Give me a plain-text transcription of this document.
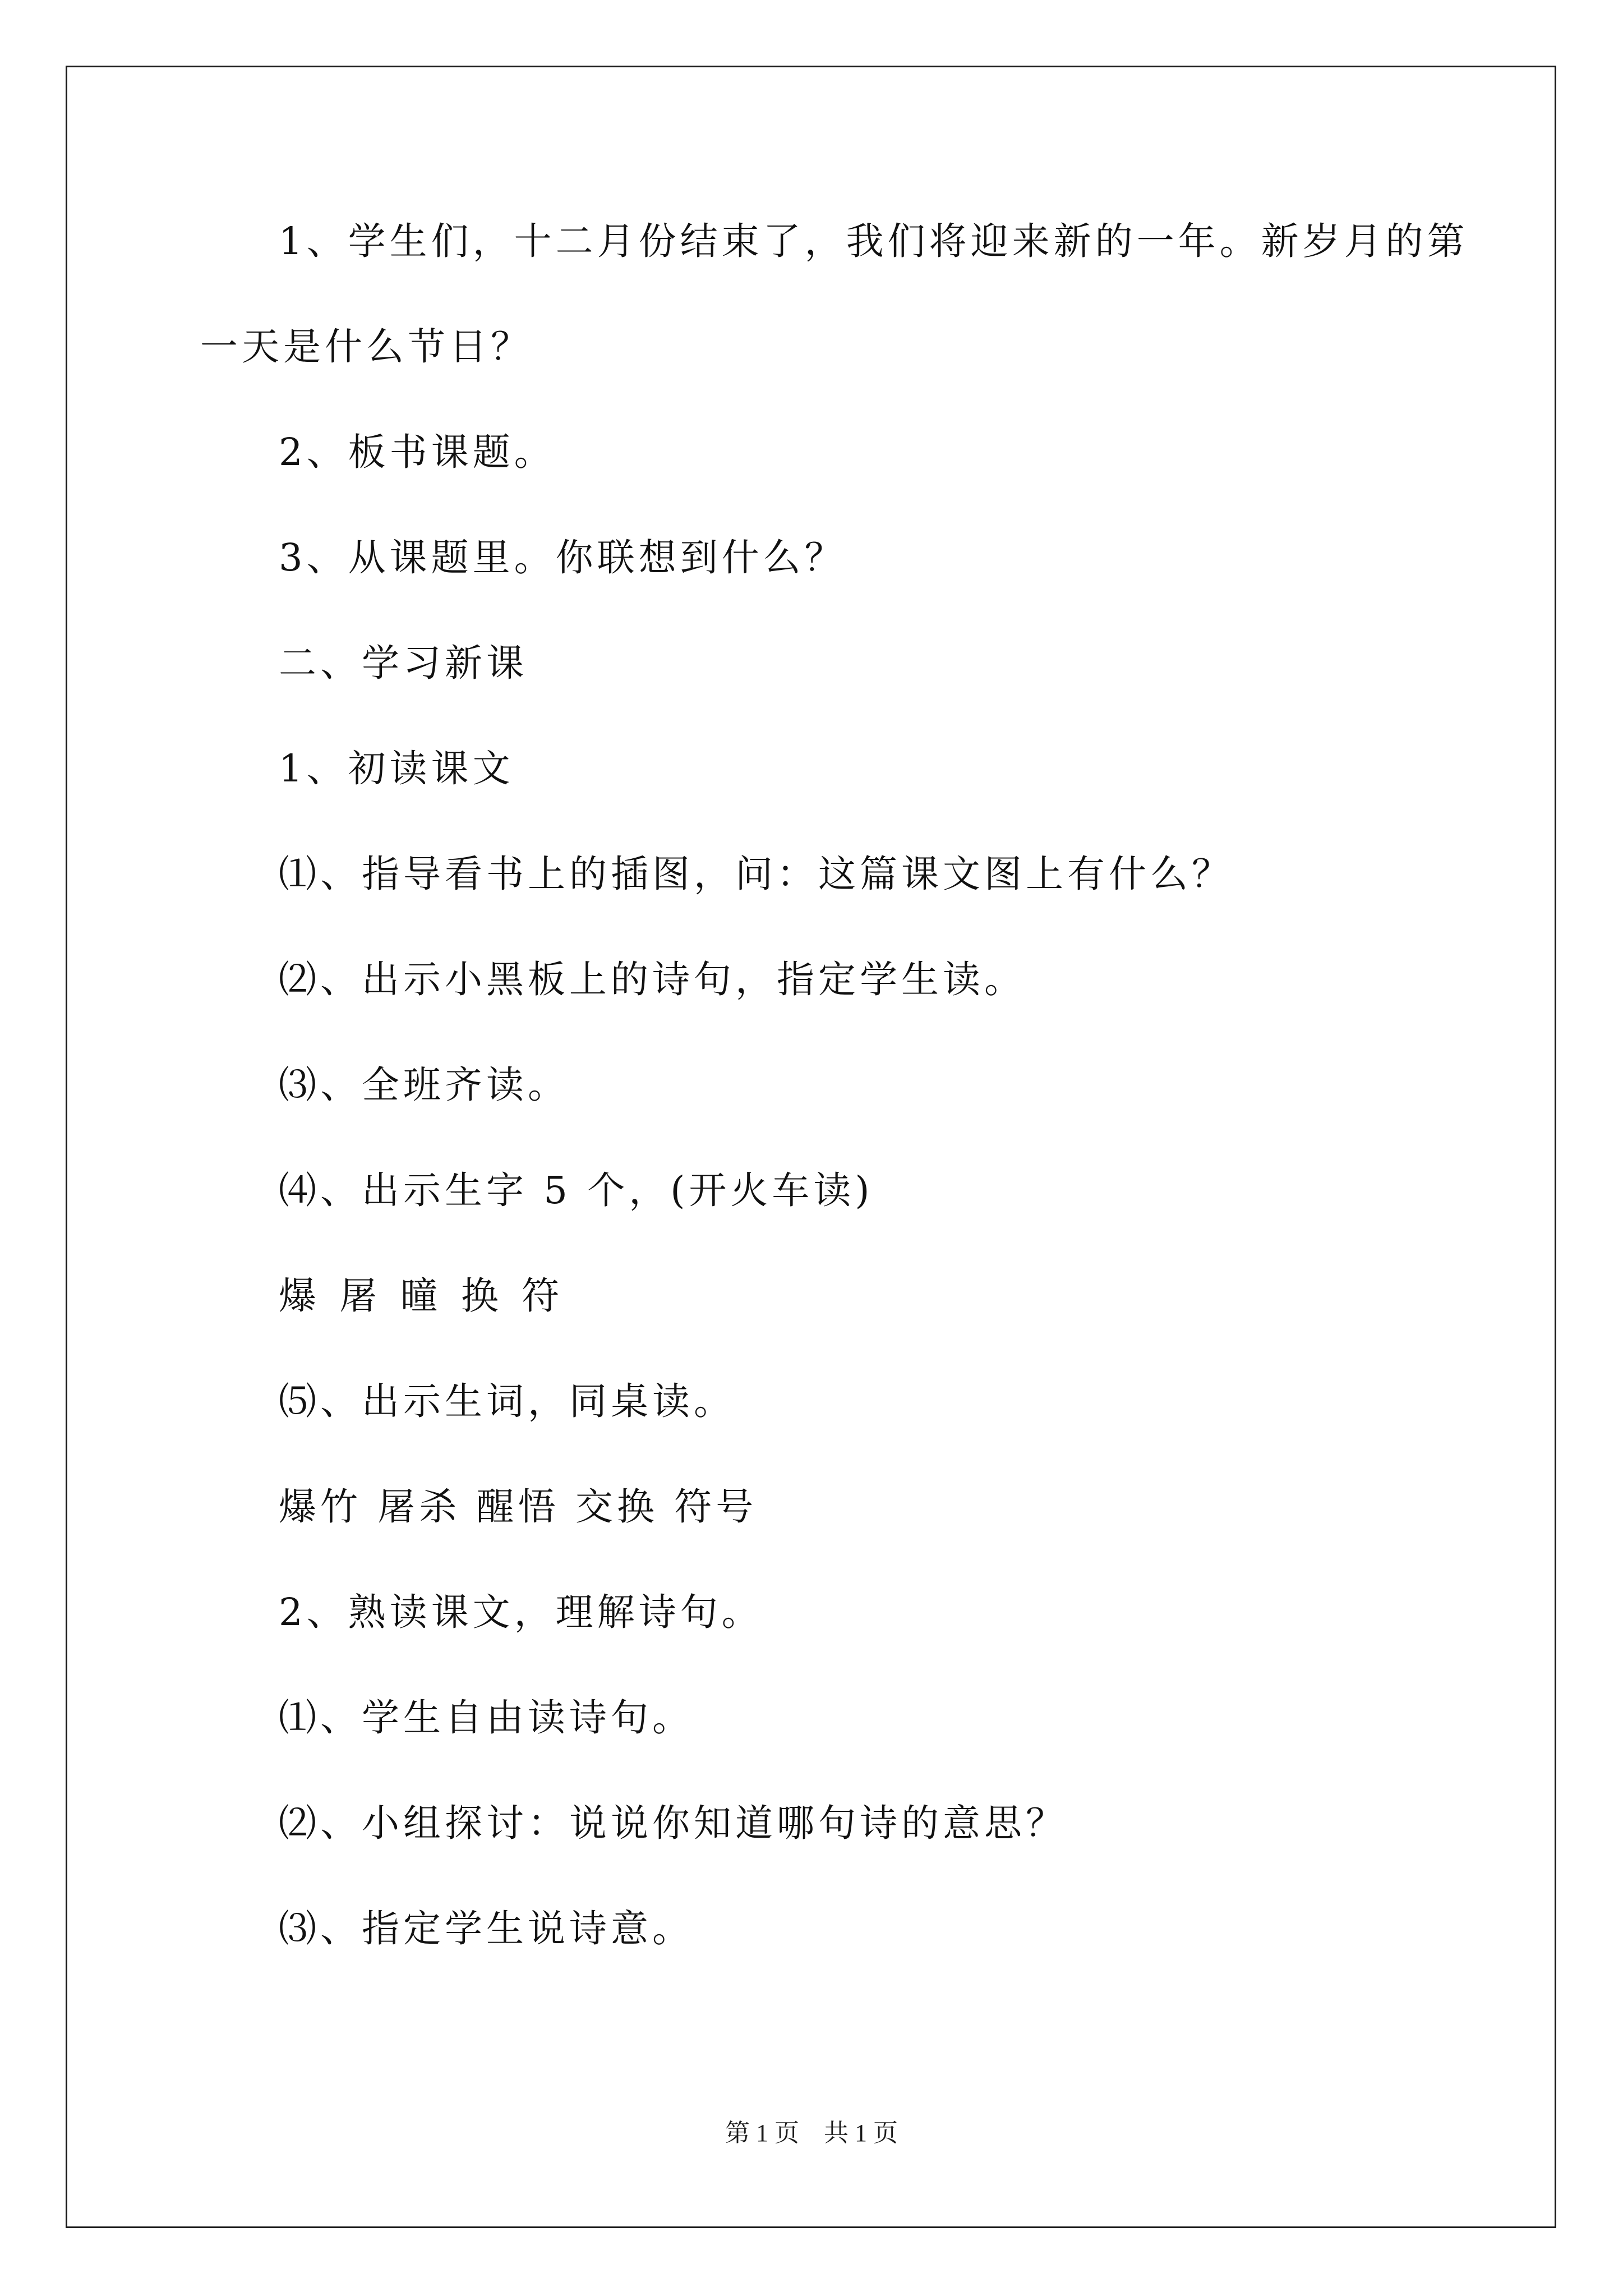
1、学生们，十二月份结束了，我们将迎来新的一年。新岁月的第
一天是什么节日？
2、板书课题。
3、从课题里。你联想到什么？
二、学习新课
1、初读课文
⑴、指导看书上的插图，问：这篇课文图上有什么？
⑵、出示小黑板上的诗句，指定学生读。
⑶、全班齐读。
⑷、出示生字 5 个，(开火车读)
爆 屠 曈 换 符
⑸、出示生词，同桌读。
爆竹 屠杀 醒悟 交换 符号
2、熟读课文，理解诗句。
⑴、学生自由读诗句。
⑵、小组探讨：说说你知道哪句诗的意思？
⑶、指定学生说诗意。
第 1 页 共 1 页
